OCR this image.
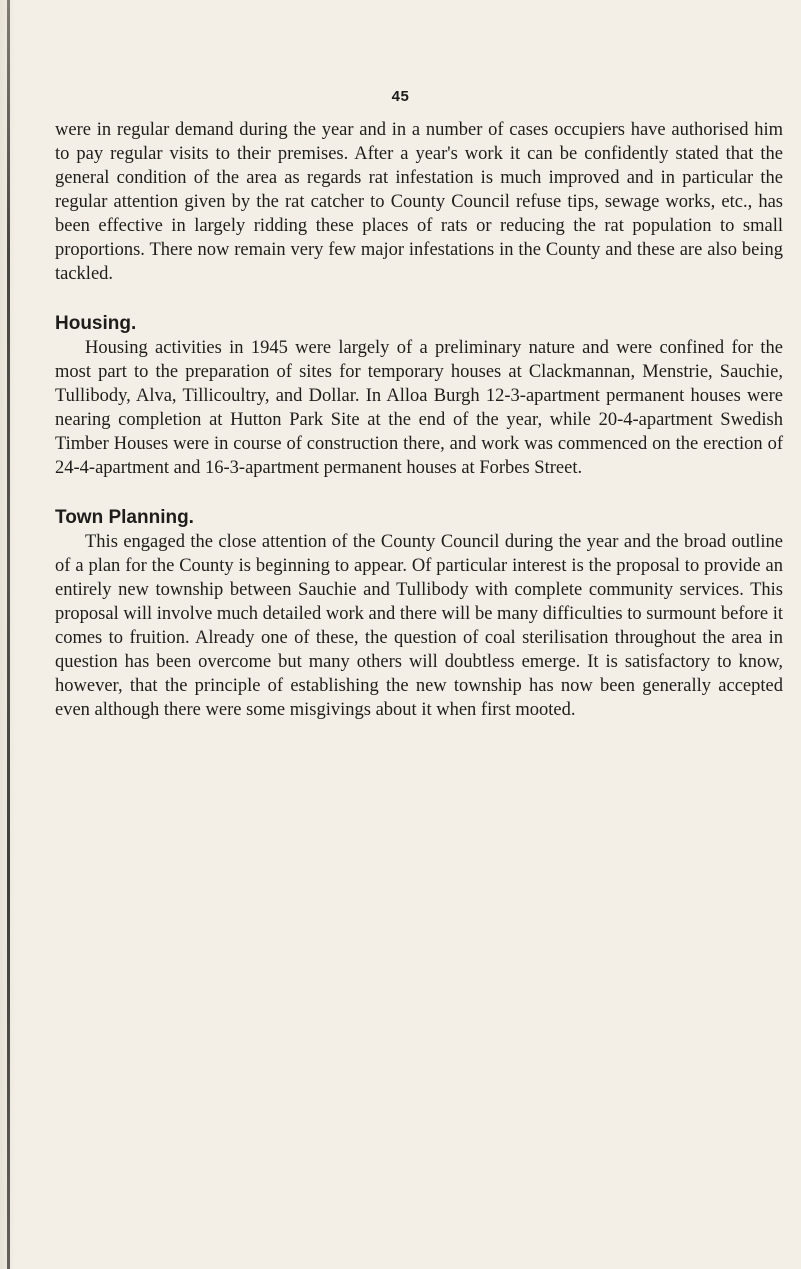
45

were in regular demand during the year and in a number of cases occupiers have authorised him to pay regular visits to their premises. After a year's work it can be confidently stated that the general condition of the area as regards rat infestation is much improved and in particular the regular attention given by the rat catcher to County Council refuse tips, sewage works, etc., has been effective in largely ridding these places of rats or reducing the rat population to small proportions. There now remain very few major infestations in the County and these are also being tackled.

Housing.

Housing activities in 1945 were largely of a preliminary nature and were confined for the most part to the preparation of sites for temporary houses at Clackmannan, Menstrie, Sauchie, Tullibody, Alva, Tillicoultry, and Dollar. In Alloa Burgh 12-3-apartment permanent houses were nearing completion at Hutton Park Site at the end of the year, while 20-4-apartment Swedish Timber Houses were in course of construction there, and work was commenced on the erection of 24-4-apartment and 16-3-apartment permanent houses at Forbes Street.

Town Planning.

This engaged the close attention of the County Council during the year and the broad outline of a plan for the County is beginning to appear. Of particular interest is the proposal to provide an entirely new township between Sauchie and Tullibody with complete community services. This proposal will involve much detailed work and there will be many difficulties to surmount before it comes to fruition. Already one of these, the question of coal sterilisation throughout the area in question has been overcome but many others will doubtless emerge. It is satisfactory to know, however, that the principle of establishing the new township has now been generally accepted even although there were some misgivings about it when first mooted.
